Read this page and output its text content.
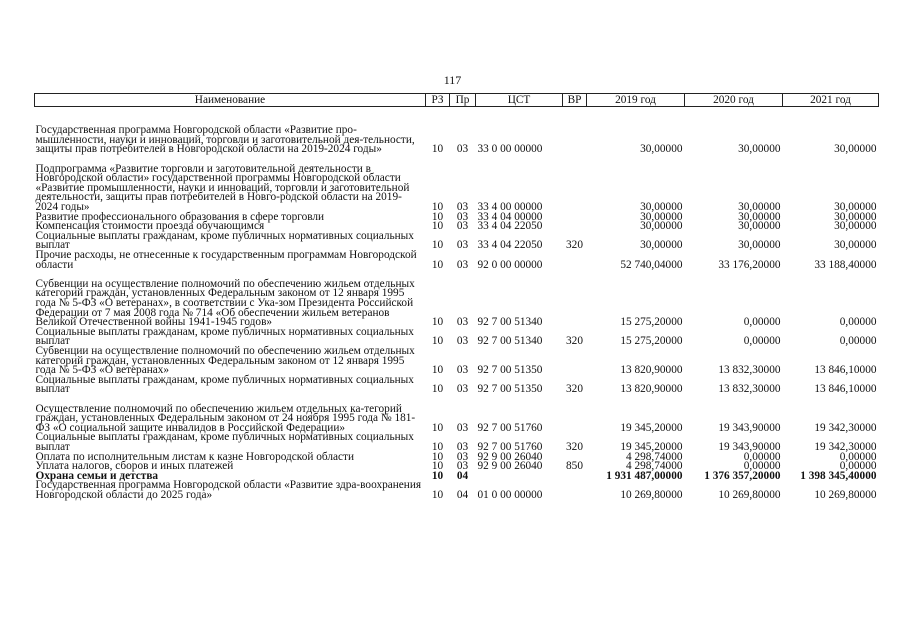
117
Наименование	РЗ	Пр	ЦСТ	ВР	2019 год	2020 год	2021 год
Государственная программа Новгородской области «Развитие про-мышленности, науки и инноваций, торговли и заготовительной дея-тельности, защиты прав потребителей в Новгородской области на 2019-2024 годы»	10	03	33 0 00 00000		30,00000	30,00000	30,00000
Подпрограмма «Развитие торговли и заготовительной деятельности в Новгородской области» государственной программы Новгородской области «Развитие промышленности, науки и инноваций, торговли и заготовительной деятельности, защиты прав потребителей в Новго-родской области на 2019-2024 годы»	10	03	33 4 00 00000		30,00000	30,00000	30,00000
Развитие профессионального образования в сфере торговли	10	03	33 4 04 00000		30,00000	30,00000	30,00000
Компенсация стоимости проезда обучающимся	10	03	33 4 04 22050		30,00000	30,00000	30,00000
Социальные выплаты гражданам, кроме публичных нормативных социальных выплат	10	03	33 4 04 22050	320	30,00000	30,00000	30,00000
Прочие расходы, не отнесенные к государственным программам Новгородской области	10	03	92 0 00 00000		52 740,04000	33 176,20000	33 188,40000
Субвенции на осуществление полномочий по обеспечению жильем отдельных категорий граждан, установленных Федеральным законом от 12 января 1995 года № 5-ФЗ «О ветеранах», в соответствии с Ука-зом Президента Российской Федерации от 7 мая 2008 года № 714 «Об обеспечении жильем ветеранов Великой Отечественной войны 1941-1945 годов»	10	03	92 7 00 51340		15 275,20000	0,00000	0,00000
Социальные выплаты гражданам, кроме публичных нормативных социальных выплат	10	03	92 7 00 51340	320	15 275,20000	0,00000	0,00000
Субвенции на осуществление полномочий по обеспечению жильем отдельных категорий граждан, установленных Федеральным законом от 12 января 1995 года № 5-ФЗ «О ветеранах»	10	03	92 7 00 51350		13 820,90000	13 832,30000	13 846,10000
Социальные выплаты гражданам, кроме публичных нормативных социальных выплат	10	03	92 7 00 51350	320	13 820,90000	13 832,30000	13 846,10000
Осуществление полномочий по обеспечению жильем отдельных ка-тегорий граждан, установленных Федеральным законом от 24 ноября 1995 года № 181-ФЗ «О социальной защите инвалидов в Российской Федерации»	10	03	92 7 00 51760		19 345,20000	19 343,90000	19 342,30000
Социальные выплаты гражданам, кроме публичных нормативных социальных выплат	10	03	92 7 00 51760	320	19 345,20000	19 343,90000	19 342,30000
Оплата по исполнительным листам к казне Новгородской области	10	03	92 9 00 26040		4 298,74000	0,00000	0,00000
Уплата налогов, сборов и иных платежей	10	03	92 9 00 26040	850	4 298,74000	0,00000	0,00000
Охрана семьи и детства	10	04			1 931 487,00000	1 376 357,20000	1 398 345,40000
Государственная программа Новгородской области «Развитие здра-воохранения Новгородской области до 2025 года»	10	04	01 0 00 00000		10 269,80000	10 269,80000	10 269,80000
